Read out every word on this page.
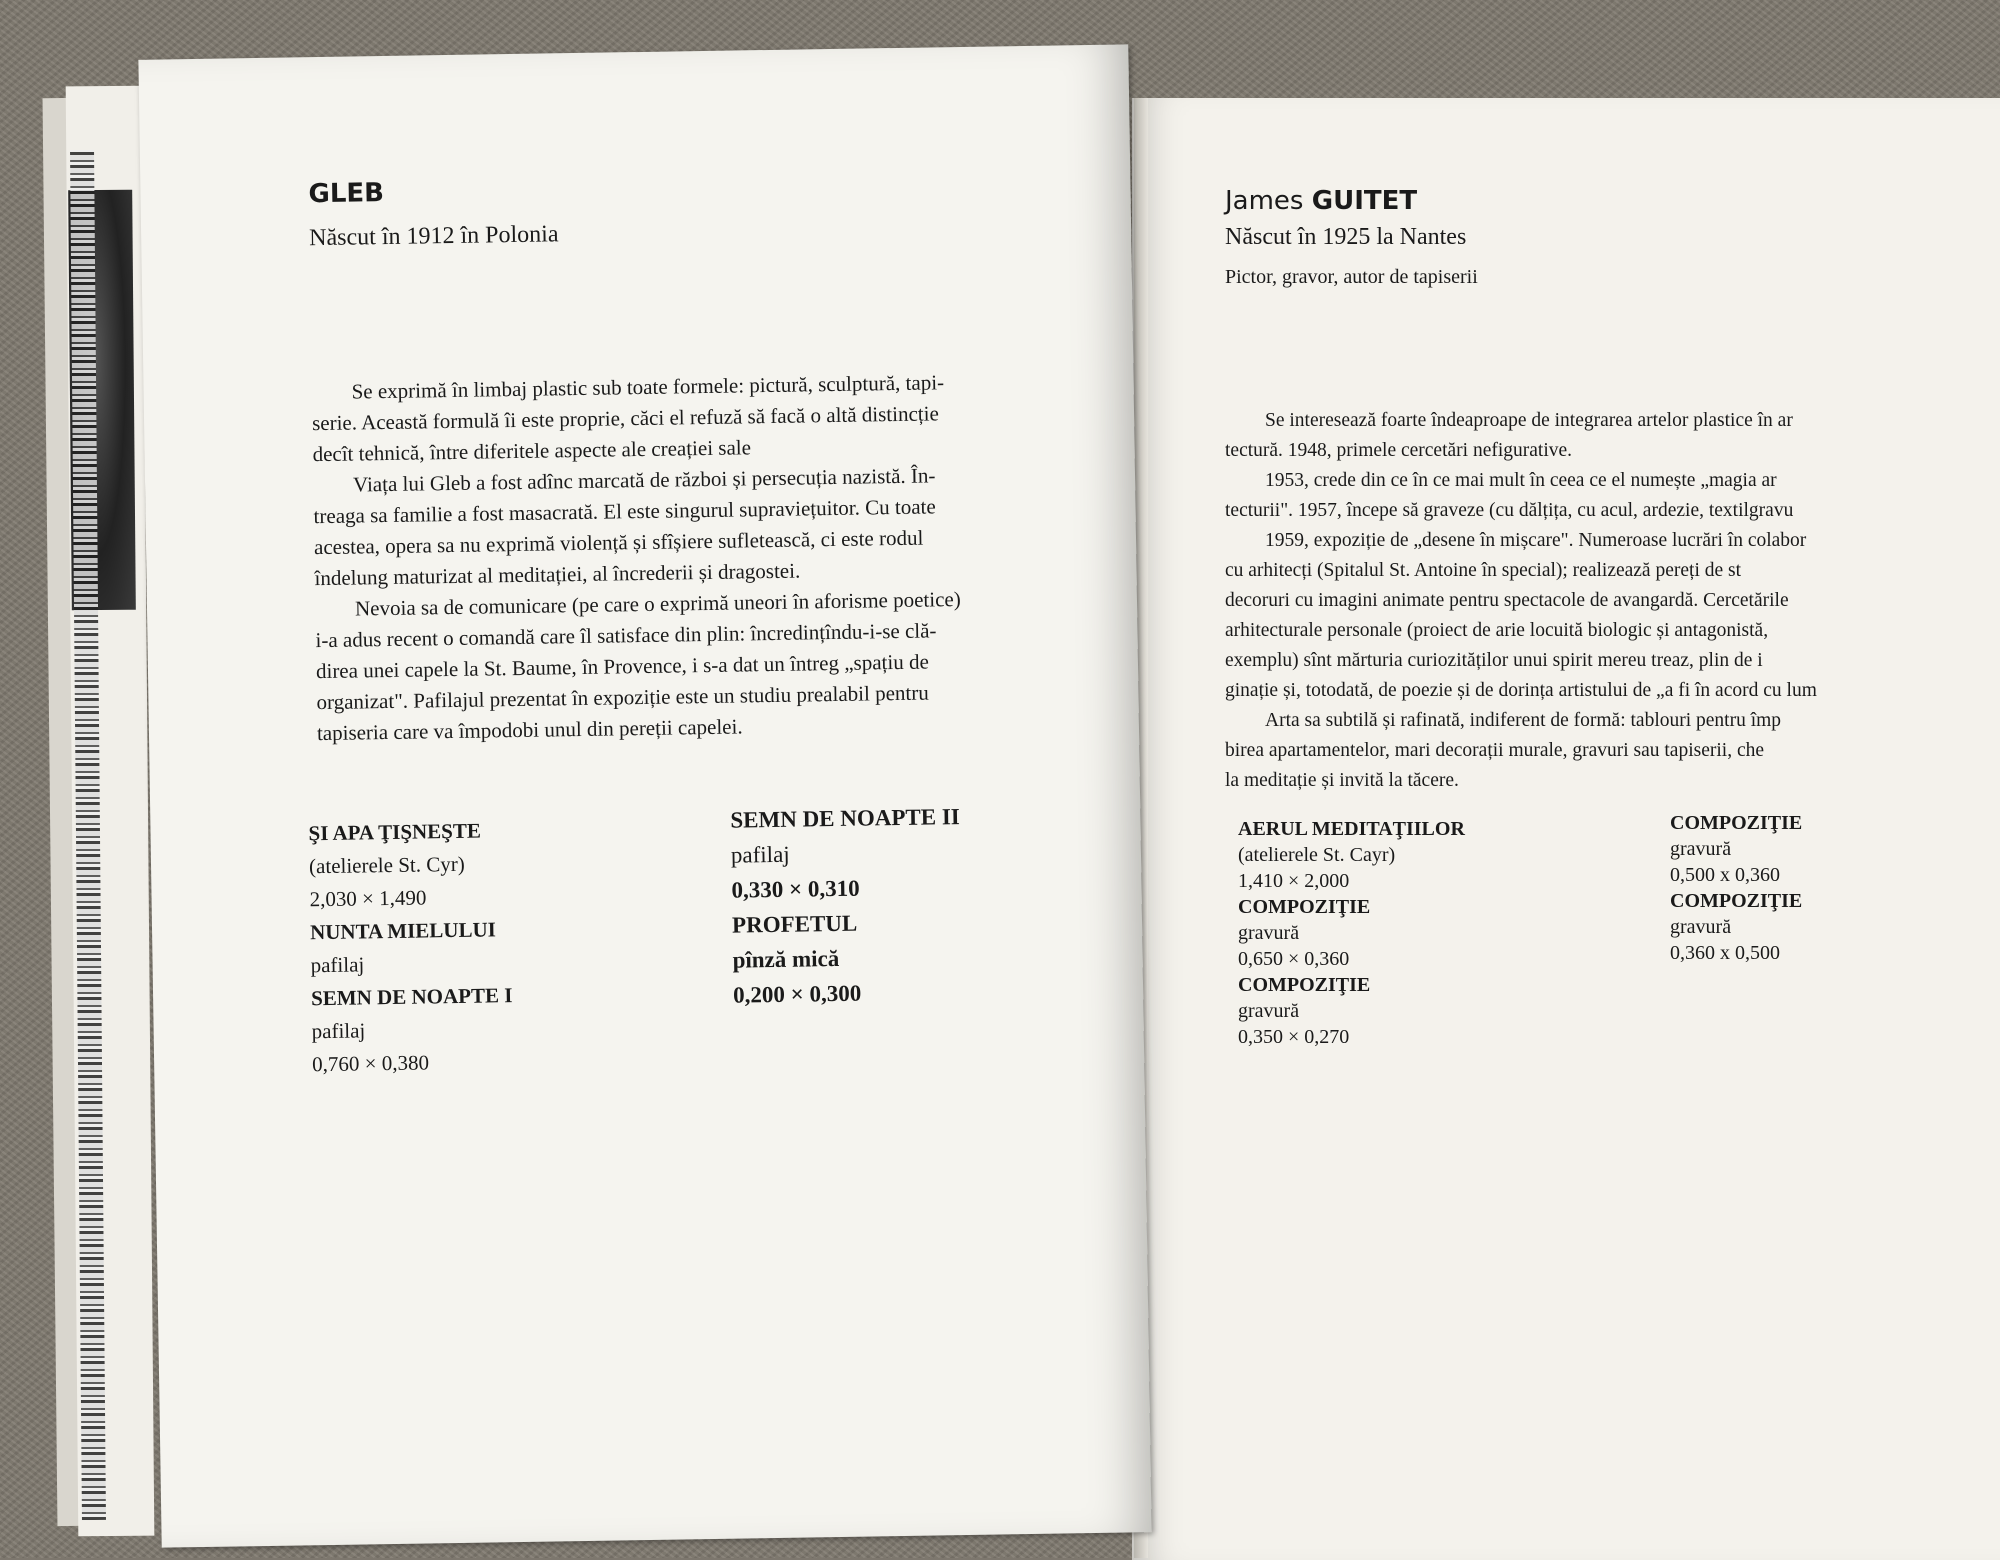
James GUITET
Născut în 1925 la Nantes
Pictor, gravor, autor de tapiserii
Se interesează foarte îndeaproape de integrarea artelor plastice în ar
tectură. 1948, primele cercetări nefigurative.
1953, crede din ce în ce mai mult în ceea ce el numește „magia ar
tecturii". 1957, începe să graveze (cu dălțița, cu acul, ardezie, textilgravu
1959, expoziție de „desene în mișcare". Numeroase lucrări în colabor
cu arhitecți (Spitalul St. Antoine în special); realizează pereți de st
decoruri cu imagini animate pentru spectacole de avangardă. Cercetările
arhitecturale personale (proiect de arie locuită biologic și antagonistă,
exemplu) sînt mărturia curiozităților unui spirit mereu treaz, plin de i
ginație și, totodată, de poezie și de dorința artistului de „a fi în acord cu lum
Arta sa subtilă și rafinată, indiferent de formă: tablouri pentru împ
birea apartamentelor, mari decorații murale, gravuri sau tapiserii, che
la meditație și invită la tăcere.
AERUL MEDITAŢIILOR
(atelierele St. Cayr)
1,410 × 2,000
COMPOZIŢIE
gravură
0,650 × 0,360
COMPOZIŢIE
gravură
0,350 × 0,270
COMPOZIŢIE
gravură
0,500 x 0,360
COMPOZIŢIE
gravură
0,360 x 0,500
GLEB
Născut în 1912 în Polonia
Se exprimă în limbaj plastic sub toate formele: pictură, sculptură, tapi-
serie. Această formulă îi este proprie, căci el refuză să facă o altă distincție
decît tehnică, între diferitele aspecte ale creației sale
Viața lui Gleb a fost adînc marcată de război și persecuția nazistă. În-
treaga sa familie a fost masacrată. El este singurul supraviețuitor. Cu toate
acestea, opera sa nu exprimă violență și sfîșiere sufletească, ci este rodul
îndelung maturizat al meditației, al încrederii și dragostei.
Nevoia sa de comunicare (pe care o exprimă uneori în aforisme poetice)
i-a adus recent o comandă care îl satisface din plin: încredințîndu-i-se clă-
direa unei capele la St. Baume, în Provence, i s-a dat un întreg „spațiu de
organizat". Pafilajul prezentat în expoziție este un studiu prealabil pentru
tapiseria care va împodobi unul din pereții capelei.
ŞI APA ŢIŞNEŞTE
(atelierele St. Cyr)
2,030 × 1,490
NUNTA MIELULUI
pafilaj
SEMN DE NOAPTE I
pafilaj
0,760 × 0,380
SEMN DE NOAPTE II
pafilaj
0,330 × 0,310
PROFETUL
pînză mică
0,200 × 0,300
